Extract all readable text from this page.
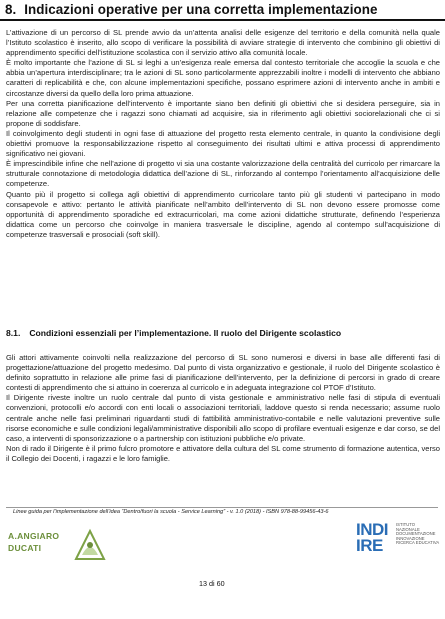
8. Indicazioni operative per una corretta implementazione

L’attivazione di un percorso di SL prende avvio da un’attenta analisi delle esigenze del territorio e della comunità nella quale l’Istituto scolastico è inserito, allo scopo di verificare la possibilità di avviare strategie di intervento che combinino gli obiettivi di apprendimento specifici dell’istituzione scolastica con il servizio attivo alla comunità locale.

È molto importante che l’azione di SL si leghi a un’esigenza reale emersa dal contesto territoriale che accoglie la scuola e che abbia un’apertura interdisciplinare; tra le azioni di SL sono particolarmente apprezzabili inoltre i modelli di intervento che abbiano caratteri di replicabilità e che, con alcune implementazioni specifiche, possano esprimere azioni di intervento anche in ambiti e circostanze diversi da quello della loro prima attuazione.

Per una corretta pianificazione dell’intervento è importante siano ben definiti gli obiettivi che si desidera perseguire, sia in relazione alle competenze che i ragazzi sono chiamati ad acquisire, sia in riferimento agli obiettivi sociorelazionali che ci si propone di soddisfare.

Il coinvolgimento degli studenti in ogni fase di attuazione del progetto resta elemento centrale, in quanto la condivisione degli obiettivi promuove la responsabilizzazione rispetto al conseguimento dei risultati ultimi e attiva processi di apprendimento significativo nei giovani.

È imprescindibile infine che nell’azione di progetto vi sia una costante valorizzazione della centralità del curricolo per rimarcare la strutturale connotazione di metodologia didattica dell’azione di SL, rinforzando al contempo l’orientamento all’acquisizione delle competenze.

Quanto più il progetto si collega agli obiettivi di apprendimento curricolare tanto più gli studenti vi partecipano in modo consapevole e attivo: pertanto le attività pianificate nell’ambito dell’intervento di SL non devono essere promosse come opportunità di apprendimento sporadiche ed extracurricolari, ma come azioni didattiche strutturate, definendo l’esperienza didattica come un percorso che coinvolge in maniera trasversale le discipline, agendo al contempo sull’acquisizione di competenze trasversali e prosociali (soft skill).

8.1. Condizioni essenziali per l’implementazione. Il ruolo del Dirigente scolastico

Gli attori attivamente coinvolti nella realizzazione del percorso di SL sono numerosi e diversi in base alle differenti fasi di progettazione/attuazione del progetto medesimo. Dal punto di vista organizzativo e gestionale, il ruolo del Dirigente scolastico è definito soprattutto in relazione alle prime fasi di pianificazione dell’intervento, per la definizione di percorsi in grado di creare contesti di apprendimento che si attuino in coerenza al curricolo e in adeguata integrazione col PTOF d’Istituto.

Il Dirigente riveste inoltre un ruolo centrale dal punto di vista gestionale e amministrativo nelle fasi di stipula di eventuali convenzioni, protocolli e/o accordi con enti locali o associazioni territoriali, laddove questo si renda necessario; assume ruolo centrale anche nelle fasi preliminari riguardanti studi di fattibilità amministrativo-contabile e nelle valutazioni preventive sulle risorse economiche e sulle condizioni legali/amministrative disponibili allo scopo di profilare eventuali esigenze e dar corso, se del caso, a interventi di sponsorizzazione o a partnership con istituzioni pubbliche e/o private.

Non di rado il Dirigente è il primo fulcro promotore e attivatore della cultura del SL come strumento di formazione autentica, verso il Collegio dei Docenti, i ragazzi e le loro famiglie.

Linee guida per l’implementazione dell’idea “Dentro/fuori la scuola - Service Learning” - v. 1.0 (2018) - ISBN 978-88-99456-43-6
A.ANGIARO
DUCATI
13 di 60
INDI
IRE
ISTITUTO
NAZIONALE
DOCUMENTAZIONE
INNOVAZIONE
RICERCA EDUCATIVA
